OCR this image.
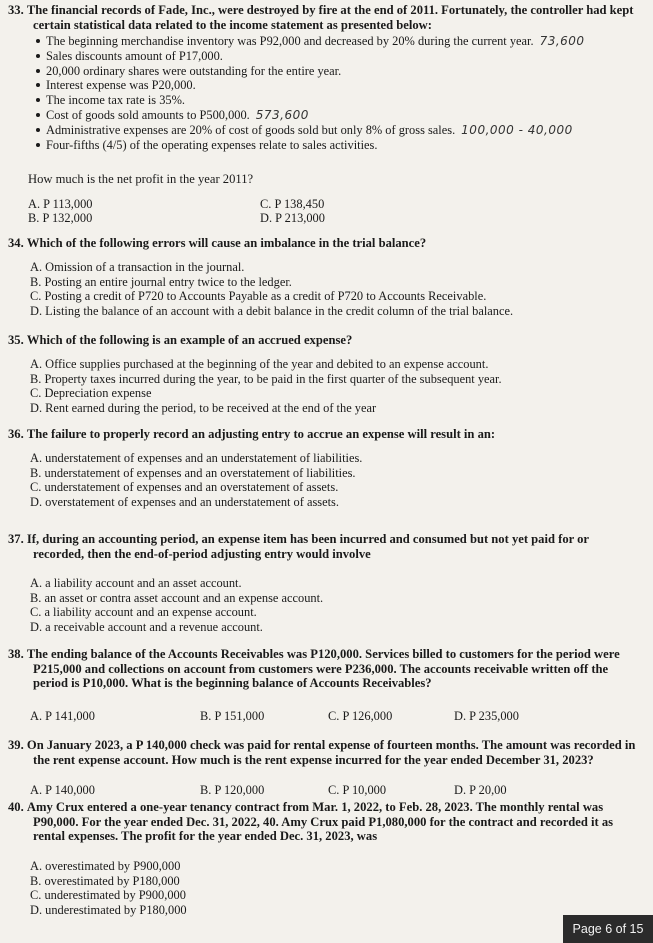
33. The financial records of Fade, Inc., were destroyed by fire at the end of 2011. Fortunately, the controller had kept certain statistical data related to the income statement as presented below:

The beginning merchandise inventory was P92,000 and decreased by 20% during the current year. 73,600
Sales discounts amount of P17,000.
20,000 ordinary shares were outstanding for the entire year.
Interest expense was P20,000.
The income tax rate is 35%.
Cost of goods sold amounts to P500,000. 573,600
Administrative expenses are 20% of cost of goods sold but only 8% of gross sales. 100,000 - 40,000
Four-fifths (4/5) of the operating expenses relate to sales activities.
How much is the net profit in the year 2011?
A. P 113,000
B. P 132,000
C. P 138,450
D. P 213,000

34. Which of the following errors will cause an imbalance in the trial balance?

A. Omission of a transaction in the journal.
B. Posting an entire journal entry twice to the ledger.
C. Posting a credit of P720 to Accounts Payable as a credit of P720 to Accounts Receivable.
D. Listing the balance of an account with a debit balance in the credit column of the trial balance.

35. Which of the following is an example of an accrued expense?

A. Office supplies purchased at the beginning of the year and debited to an expense account.
B. Property taxes incurred during the year, to be paid in the first quarter of the subsequent year.
C. Depreciation expense
D. Rent earned during the period, to be received at the end of the year

36. The failure to properly record an adjusting entry to accrue an expense will result in an:

A. understatement of expenses and an understatement of liabilities.
B. understatement of expenses and an overstatement of liabilities.
C. understatement of expenses and an overstatement of assets.
D. overstatement of expenses and an understatement of assets.

37. If, during an accounting period, an expense item has been incurred and consumed but not yet paid for or recorded, then the end-of-period adjusting entry would involve

A. a liability account and an asset account.
B. an asset or contra asset account and an expense account.
C. a liability account and an expense account.
D. a receivable account and a revenue account.

38. The ending balance of the Accounts Receivables was P120,000. Services billed to customers for the period were P215,000 and collections on account from customers were P236,000. The accounts receivable written off the period is P10,000. What is the beginning balance of Accounts Receivables?

A. P 141,000	B. P 151,000	C. P 126,000	D. P 235,000

39. On January 2023, a P 140,000 check was paid for rental expense of fourteen months. The amount was recorded in the rent expense account. How much is the rent expense incurred for the year ended December 31, 2023?

A. P 140,000	B. P 120,000	C. P 10,000	D. P 20,00

40. Amy Crux entered a one-year tenancy contract from Mar. 1, 2022, to Feb. 28, 2023. The monthly rental was P90,000. For the year ended Dec. 31, 2022, 40. Amy Crux paid P1,080,000 for the contract and recorded it as rental expenses. The profit for the year ended Dec. 31, 2023, was

A. overestimated by P900,000
B. overestimated by P180,000
C. underestimated by P900,000
D. underestimated by P180,000
Page 6 of 15
